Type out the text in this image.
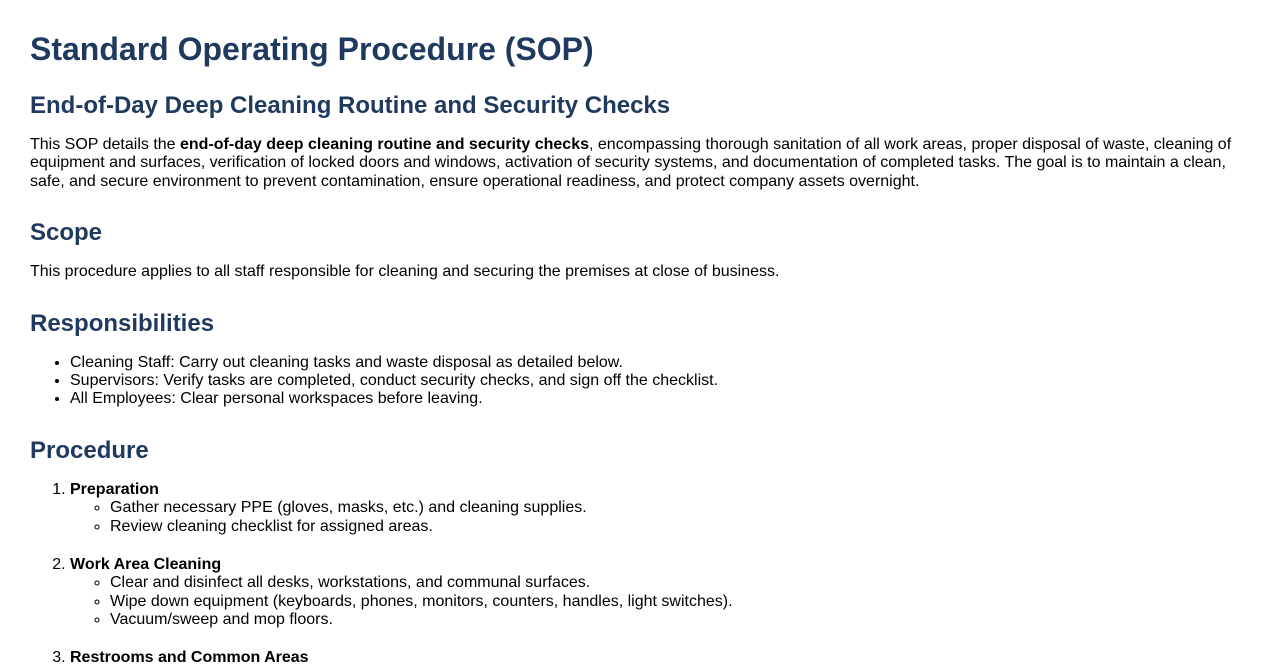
Standard Operating Procedure (SOP)
End-of-Day Deep Cleaning Routine and Security Checks

This SOP details the end-of-day deep cleaning routine and security checks, encompassing thorough sanitation of all work areas, proper disposal of waste, cleaning of equipment and surfaces, verification of locked doors and windows, activation of security systems, and documentation of completed tasks. The goal is to maintain a clean, safe, and secure environment to prevent contamination, ensure operational readiness, and protect company assets overnight.

Scope

This procedure applies to all staff responsible for cleaning and securing the premises at close of business.

Responsibilities
• Cleaning Staff: Carry out cleaning tasks and waste disposal as detailed below.
• Supervisors: Verify tasks are completed, conduct security checks, and sign off the checklist.
• All Employees: Clear personal workspaces before leaving.
Procedure
1. Preparation
◦ Gather necessary PPE (gloves, masks, etc.) and cleaning supplies.
◦ Review cleaning checklist for assigned areas.
2. Work Area Cleaning
◦ Clear and disinfect all desks, workstations, and communal surfaces.
◦ Wipe down equipment (keyboards, phones, monitors, counters, handles, light switches).
◦ Vacuum/sweep and mop floors.
3. Restrooms and Common Areas
